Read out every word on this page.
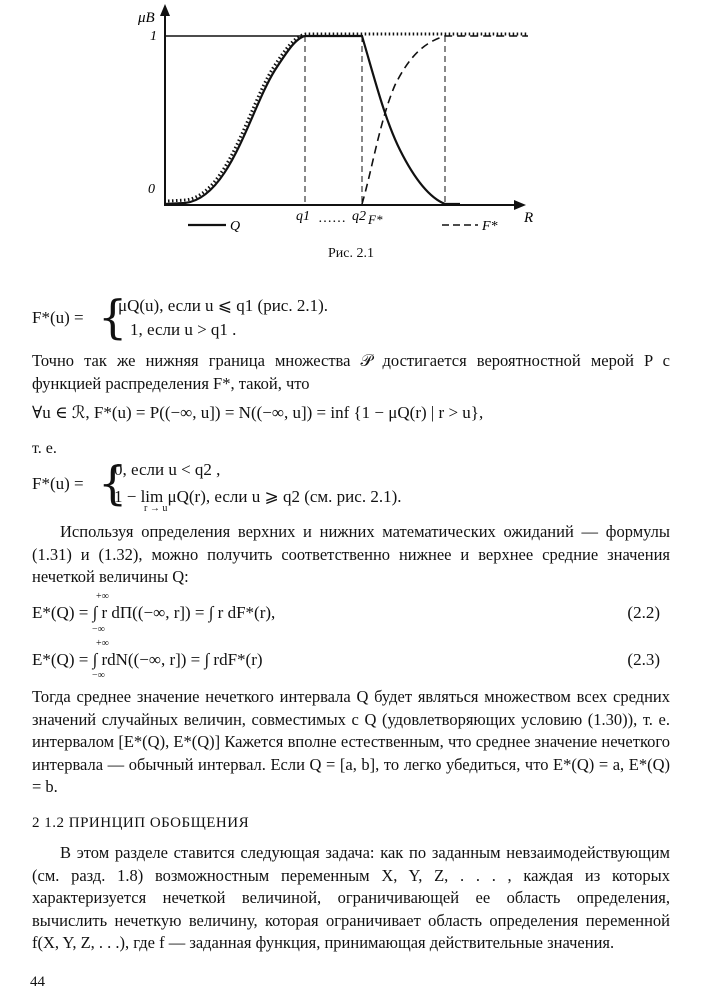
μB
R
1
0
q1 …… q2 F*
Q	F*
Рис. 2.1
F*(u) = {
μQ(u), если u ⩽ q1 (рис. 2.1).
1, если u > q1 .

Точно так же нижняя граница множества 𝒫 достигается вероятностной мерой P с функцией распределения F*, такой, что

∀u ∈ ℛ, F*(u) = P((−∞, u]) = N((−∞, u]) = inf {1 − μQ(r) | r > u},
т. е.
F*(u) = {
0, если u < q2 ,
1 − lim μQ(r), если u ⩾ q2 (см. рис. 2.1).
r → u

Используя определения верхних и нижних математических ожиданий — формулы (1.31) и (1.32), можно получить соответственно нижнее и верхнее средние значения нечеткой величины Q:

+∞
−∞
E*(Q) = ∫ r dΠ((−∞, r]) = ∫ r dF*(r),	(2.2)
+∞
−∞
E*(Q) = ∫ rdN((−∞, r]) = ∫ rdF*(r)	(2.3)

Тогда среднее значение нечеткого интервала Q будет являться множеством всех средних значений случайных величин, совместимых с Q (удовлетворяющих условию (1.30)), т. е. интервалом [E*(Q), E*(Q)] Кажется вполне естественным, что среднее значение нечеткого интервала — обычный интервал. Если Q = [a, b], то легко убедиться, что E*(Q) = a, E*(Q) = b.

2 1.2 ПРИНЦИП ОБОБЩЕНИЯ

В этом разделе ставится следующая задача: как по заданным невзаимодействующим (см. разд. 1.8) возможностным переменным X, Y, Z, . . . , каждая из которых характеризуется нечеткой величиной, ограничивающей ее область определения, вычислить нечеткую величину, которая ограничивает область определения переменной f(X, Y, Z, . . .), где f — заданная функция, принимающая действительные значения.

44
